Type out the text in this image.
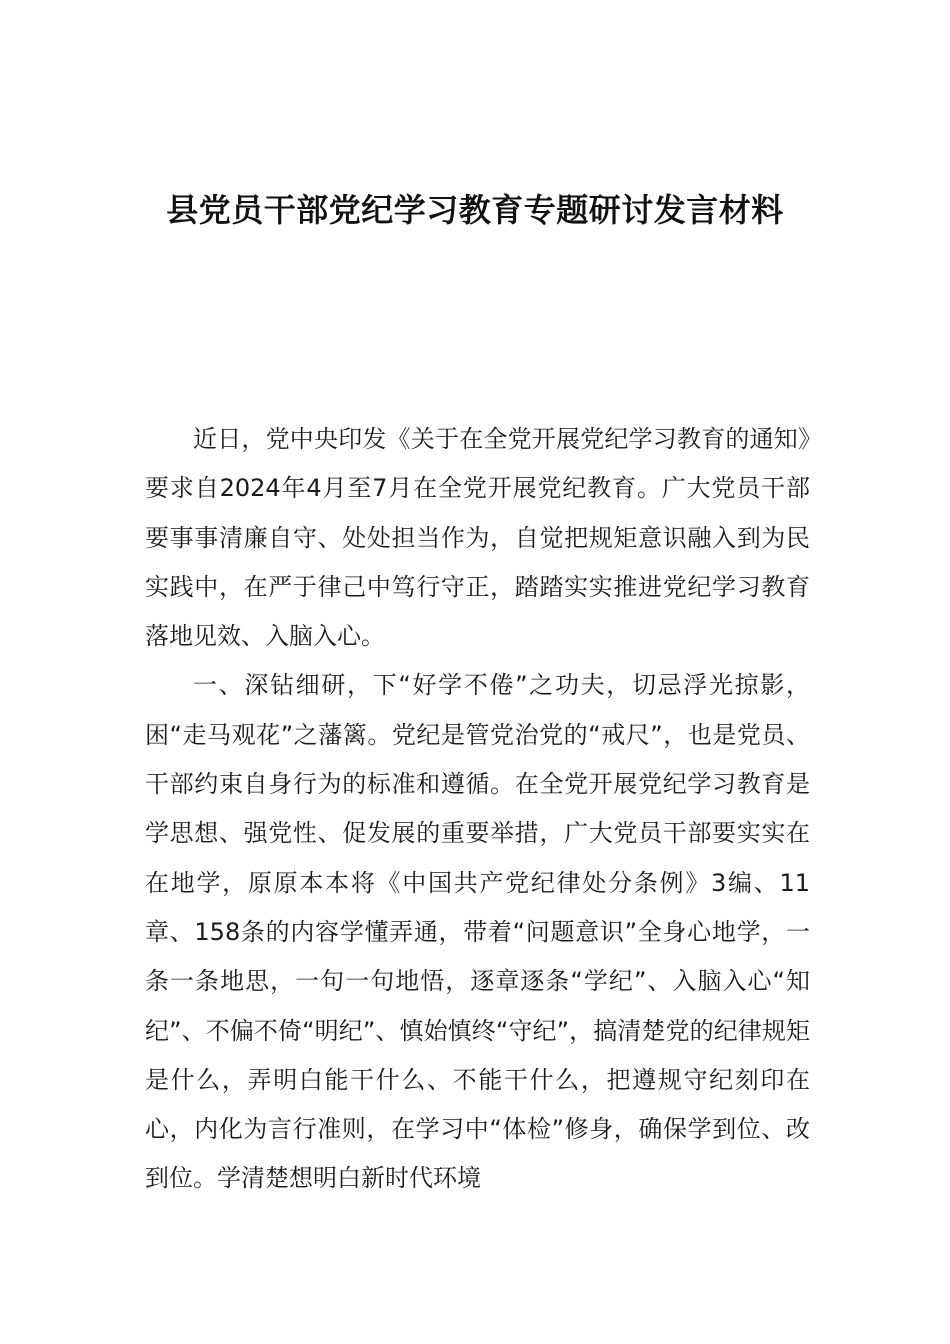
县党员干部党纪学习教育专题研讨发言材料

近日，党中央印发《关于在全党开展党纪学习教育的通知》要求自2024年4月至7月在全党开展党纪教育。广大党员干部要事事清廉自守、处处担当作为，自觉把规矩意识融入到为民实践中，在严于律己中笃行守正，踏踏实实推进党纪学习教育落地见效、入脑入心。

一、深钻细研，下“好学不倦”之功夫，切忌浮光掠影，困“走马观花”之藩篱。党纪是管党治党的“戒尺”，也是党员、干部约束自身行为的标准和遵循。在全党开展党纪学习教育是学思想、强党性、促发展的重要举措，广大党员干部要实实在在地学，原原本本将《中国共产党纪律处分条例》3编、11章、158条的内容学懂弄通，带着“问题意识”全身心地学，一条一条地思，一句一句地悟，逐章逐条“学纪”、入脑入心“知纪”、不偏不倚“明纪”、慎始慎终“守纪”，搞清楚党的纪律规矩是什么，弄明白能干什么、不能干什么，把遵规守纪刻印在心，内化为言行准则，在学习中“体检”修身，确保学到位、改到位。学清楚想明白新时代环境
